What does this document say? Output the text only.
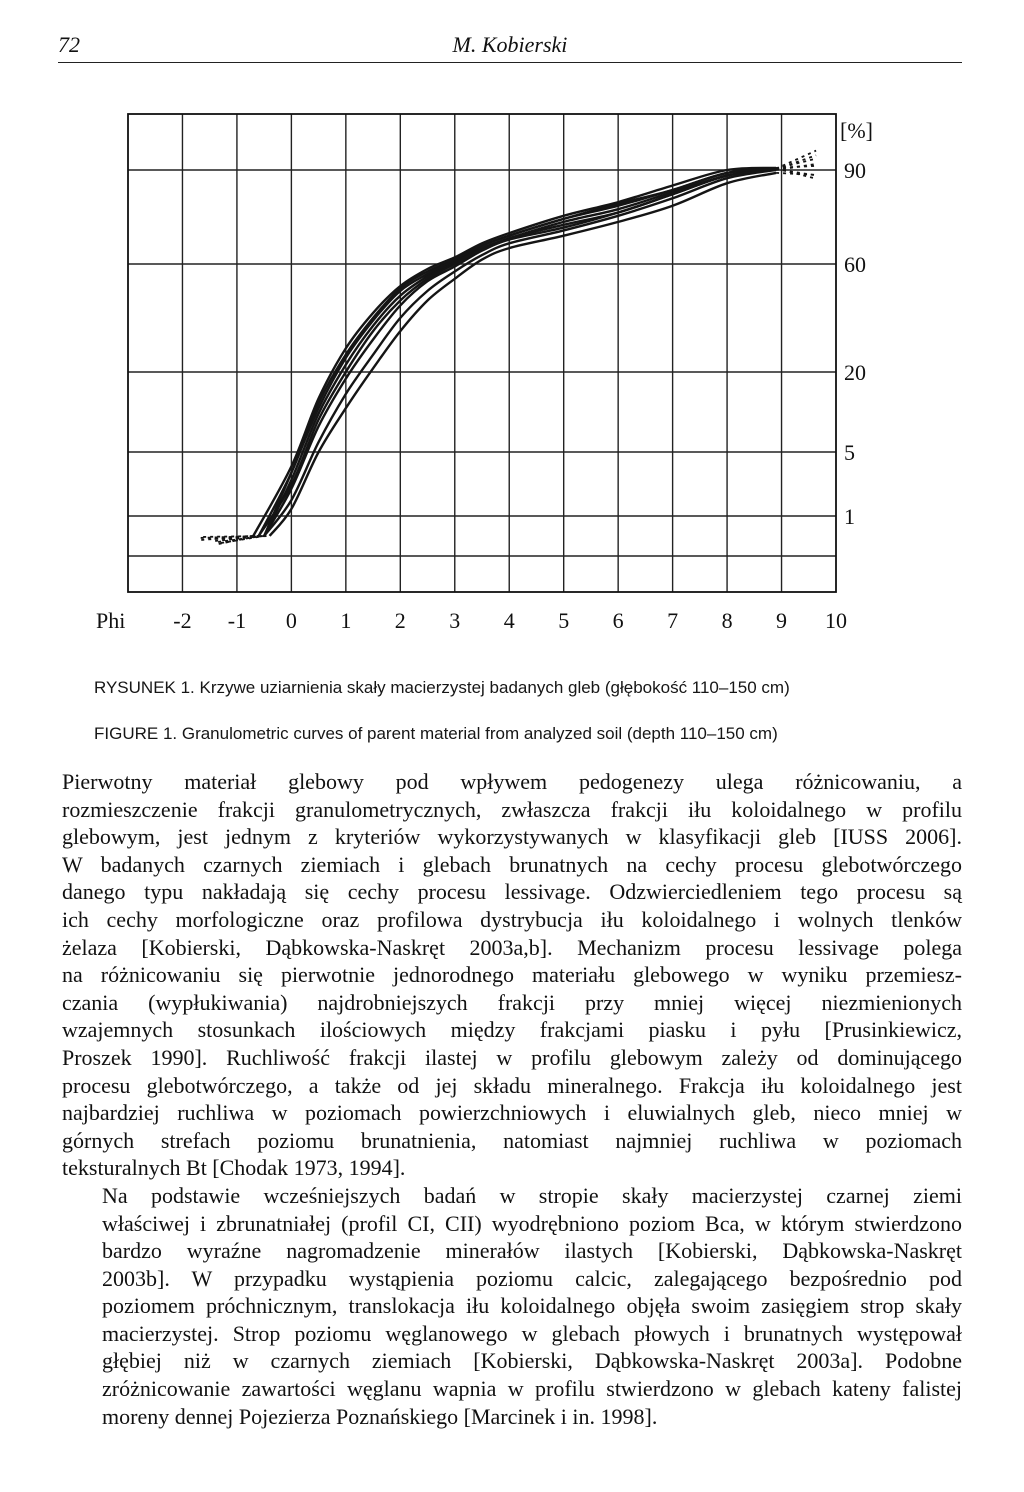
72	M. Kobierski
Phi -2 -1 0 1 2 3 4 5 6 7 8 9 10
[%]
90
60
20
5
1
RYSUNEK 1. Krzywe uziarnienia skały macierzystej badanych gleb (głębokość 110–150 cm)
FIGURE 1. Granulometric curves of parent material from analyzed soil (depth 110–150 cm)

Pierwotny materiał glebowy pod wpływem pedogenezy ulega różnicowaniu, a
rozmieszczenie frakcji granulometrycznych, zwłaszcza frakcji iłu koloidalnego w profilu
glebowym, jest jednym z kryteriów wykorzystywanych w klasyfikacji gleb [IUSS 2006].
W badanych czarnych ziemiach i glebach brunatnych na cechy procesu glebotwórczego
danego typu nakładają się cechy procesu lessivage. Odzwierciedleniem tego procesu są
ich cechy morfologiczne oraz profilowa dystrybucja iłu koloidalnego i wolnych tlenków
żelaza [Kobierski, Dąbkowska-Naskręt 2003a,b]. Mechanizm procesu lessivage polega
na różnicowaniu się pierwotnie jednorodnego materiału glebowego w wyniku przemiesz-
czania (wypłukiwania) najdrobniejszych frakcji przy mniej więcej niezmienionych
wzajemnych stosunkach ilościowych między frakcjami piasku i pyłu [Prusinkiewicz,
Proszek 1990]. Ruchliwość frakcji ilastej w profilu glebowym zależy od dominującego
procesu glebotwórczego, a także od jej składu mineralnego. Frakcja iłu koloidalnego jest
najbardziej ruchliwa w poziomach powierzchniowych i eluwialnych gleb, nieco mniej w
górnych strefach poziomu brunatnienia, natomiast najmniej ruchliwa w poziomach
teksturalnych Bt [Chodak 1973, 1994].

Na podstawie wcześniejszych badań w stropie skały macierzystej czarnej ziemi
właściwej i zbrunatniałej (profil CI, CII) wyodrębniono poziom Bca, w którym stwierdzono
bardzo wyraźne nagromadzenie minerałów ilastych [Kobierski, Dąbkowska-Naskręt
2003b]. W przypadku wystąpienia poziomu calcic, zalegającego bezpośrednio pod
poziomem próchnicznym, translokacja iłu koloidalnego objęła swoim zasięgiem strop skały
macierzystej. Strop poziomu węglanowego w glebach płowych i brunatnych występował
głębiej niż w czarnych ziemiach [Kobierski, Dąbkowska-Naskręt 2003a]. Podobne
zróżnicowanie zawartości węglanu wapnia w profilu stwierdzono w glebach kateny falistej
moreny dennej Pojezierza Poznańskiego [Marcinek i in. 1998].
